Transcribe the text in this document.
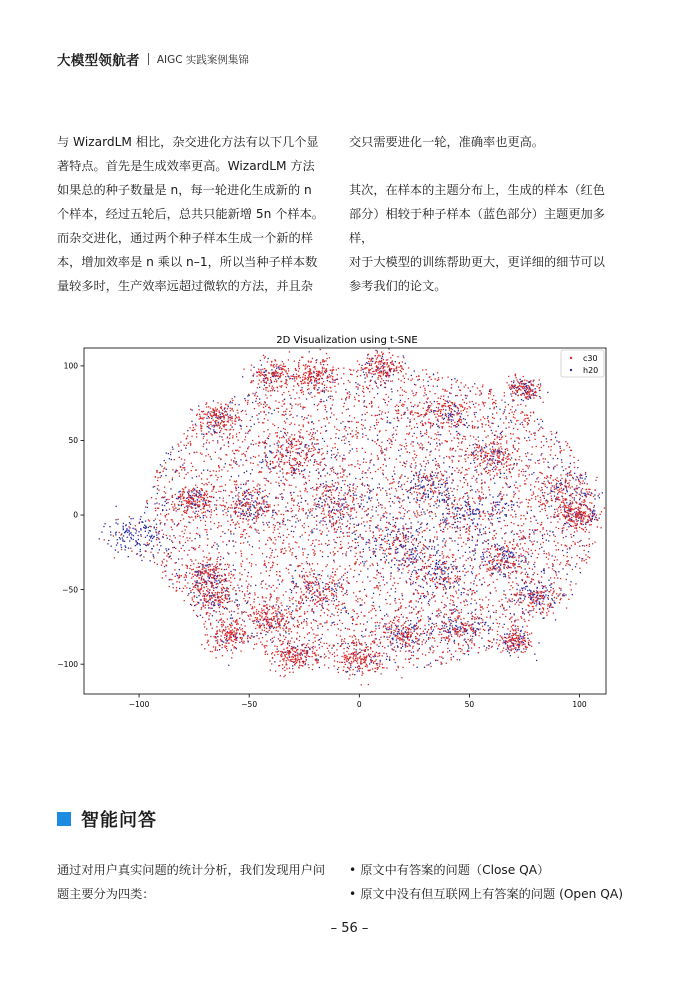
大模型领航者 AIGC 实践案例集锦

与 WizardLM 相比，杂交进化方法有以下几个显

著特点。首先是生成效率更高。WizardLM 方法

如果总的种子数量是 n，每一轮进化生成新的 n

个样本，经过五轮后，总共只能新增 5n 个样本。

而杂交进化，通过两个种子样本生成一个新的样

本，增加效率是 n 乘以 n–1，所以当种子样本数

量较多时，生产效率远超过微软的方法，并且杂

交只需要进化一轮，准确率也更高。

其次，在样本的主题分布上，生成的样本（红色

部分）相较于种子样本（蓝色部分）主题更加多样，

对于大模型的训练帮助更大，更详细的细节可以

参考我们的论文。

2D Visualization using t-SNE
−100	−50	0	50	100
100
50
0
−50
−100
c30
h20
智能问答
通过对用户真实问题的统计分析，我们发现用户问
题主要分为四类：
• 原文中有答案的问题（Close QA）
• 原文中没有但互联网上有答案的问题 (Open QA)
– 56 –
